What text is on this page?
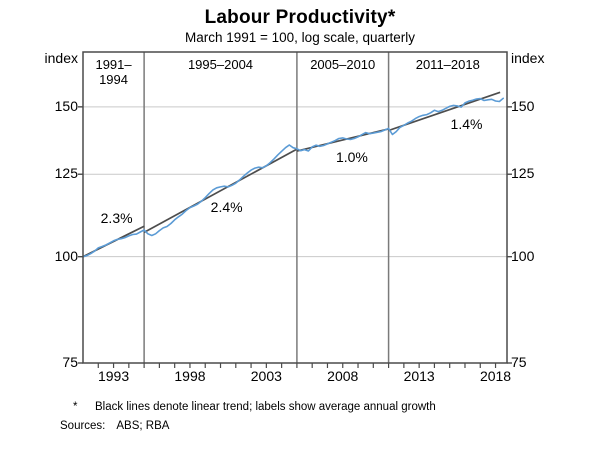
Labour Productivity*
March 1991 = 100, log scale, quarterly
index	index
75	75
100	100
125	125
150	150
1993	1998	2003	2008	2013	2018
1991–
1994
2.3%
1995–2004
2.4%
2005–2010
1.0%
2011–2018
1.4%
* Black lines denote linear trend; labels show average annual growth
Sources: ABS; RBA
